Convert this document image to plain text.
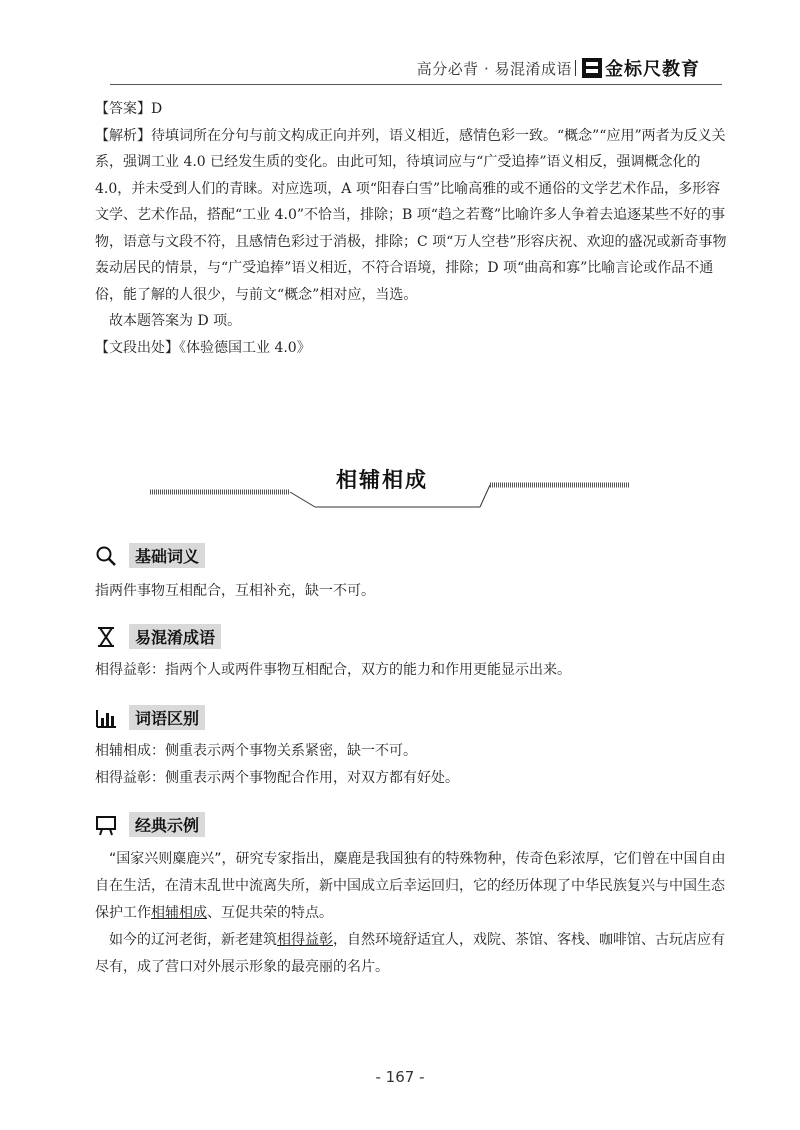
高分必背 · 易混淆成语 金标尺教育

【答案】D

【解析】待填词所在分句与前文构成正向并列，语义相近，感情色彩一致。“概念”“应用”两者为反义关系，强调工业 4.0 已经发生质的变化。由此可知，待填词应与“广受追捧”语义相反，强调概念化的 4.0，并未受到人们的青睐。对应选项，A 项“阳春白雪”比喻高雅的或不通俗的文学艺术作品，多形容文学、艺术作品，搭配“工业 4.0”不恰当，排除；B 项“趋之若鹜”比喻许多人争着去追逐某些不好的事物，语意与文段不符，且感情色彩过于消极，排除；C 项“万人空巷”形容庆祝、欢迎的盛况或新奇事物轰动居民的情景，与“广受追捧”语义相近，不符合语境，排除；D 项“曲高和寡”比喻言论或作品不通俗，能了解的人很少，与前文“概念”相对应，当选。

故本题答案为 D 项。

【文段出处】《体验德国工业 4.0》

相辅相成
基础词义
指两件事物互相配合，互相补充，缺一不可。
易混淆成语
相得益彰：指两个人或两件事物互相配合，双方的能力和作用更能显示出来。
词语区别
相辅相成：侧重表示两个事物关系紧密，缺一不可。
相得益彰：侧重表示两个事物配合作用，对双方都有好处。
经典示例

“国家兴则麋鹿兴”，研究专家指出，麋鹿是我国独有的特殊物种，传奇色彩浓厚，它们曾在中国自由自在生活，在清末乱世中流离失所，新中国成立后幸运回归，它的经历体现了中华民族复兴与中国生态保护工作相辅相成、互促共荣的特点。

如今的辽河老街，新老建筑相得益彰，自然环境舒适宜人，戏院、茶馆、客栈、咖啡馆、古玩店应有尽有，成了营口对外展示形象的最亮丽的名片。

- 167 -
